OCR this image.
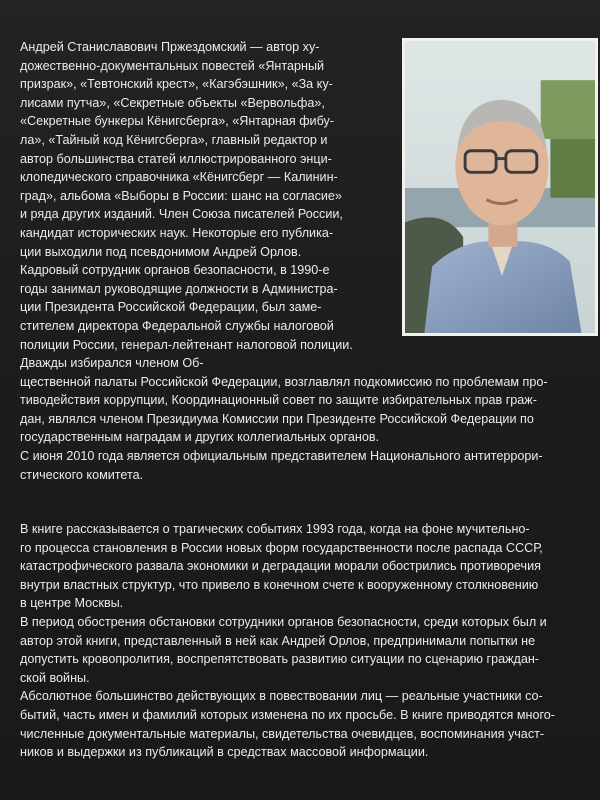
Андрей Станиславович Пржездомский — автор ху-

дожественно-документальных повестей «Янтарный

призрак», «Тевтонский крест», «Кагэбэшник», «За ку-

лисами путча», «Секретные объекты «Вервольфа»,

«Секретные бункеры Кёнигсберга», «Янтарная фибу-

ла», «Тайный код Кёнигсберга», главный редактор и

автор большинства статей иллюстрированного энци-

клопедического справочника «Кёнигсберг — Калинин-

град», альбома «Выборы в России: шанс на согласие»

и ряда других изданий. Член Союза писателей России,

кандидат исторических наук. Некоторые его публика-

ции выходили под псевдонимом Андрей Орлов.

Кадровый сотрудник органов безопасности, в 1990-е

годы занимал руководящие должности в Администра-

ции Президента Российской Федерации, был заме-

стителем директора Федеральной службы налоговой

полиции России, генерал-лейтенант налоговой полиции.

Дважды избирался членом Об-

щественной палаты Российской Федерации, возглавлял подкомиссию по проблемам про-

тиводействия коррупции, Координационный совет по защите избирательных прав граж-

дан, являлся членом Президиума Комиссии при Президенте Российской Федерации по

государственным наградам и других коллегиальных органов.

С июня 2010 года является официальным представителем Национального антитеррори-

стического комитета.

В книге рассказывается о трагических событиях 1993 года, когда на фоне мучительно-

го процесса становления в России новых форм государственности после распада СССР,

катастрофического развала экономики и деградации морали обострились противоречия

внутри властных структур, что привело в конечном счете к вооруженному столкновению

в центре Москвы.

В период обострения обстановки сотрудники органов безопасности, среди которых был и

автор этой книги, представленный в ней как Андрей Орлов, предпринимали попытки не

допустить кровопролития, воспрепятствовать развитию ситуации по сценарию граждан-

ской войны.

Абсолютное большинство действующих в повествовании лиц — реальные участники со-

бытий, часть имен и фамилий которых изменена по их просьбе. В книге приводятся много-

численные документальные материалы, свидетельства очевидцев, воспоминания участ-

ников и выдержки из публикаций в средствах массовой информации.
